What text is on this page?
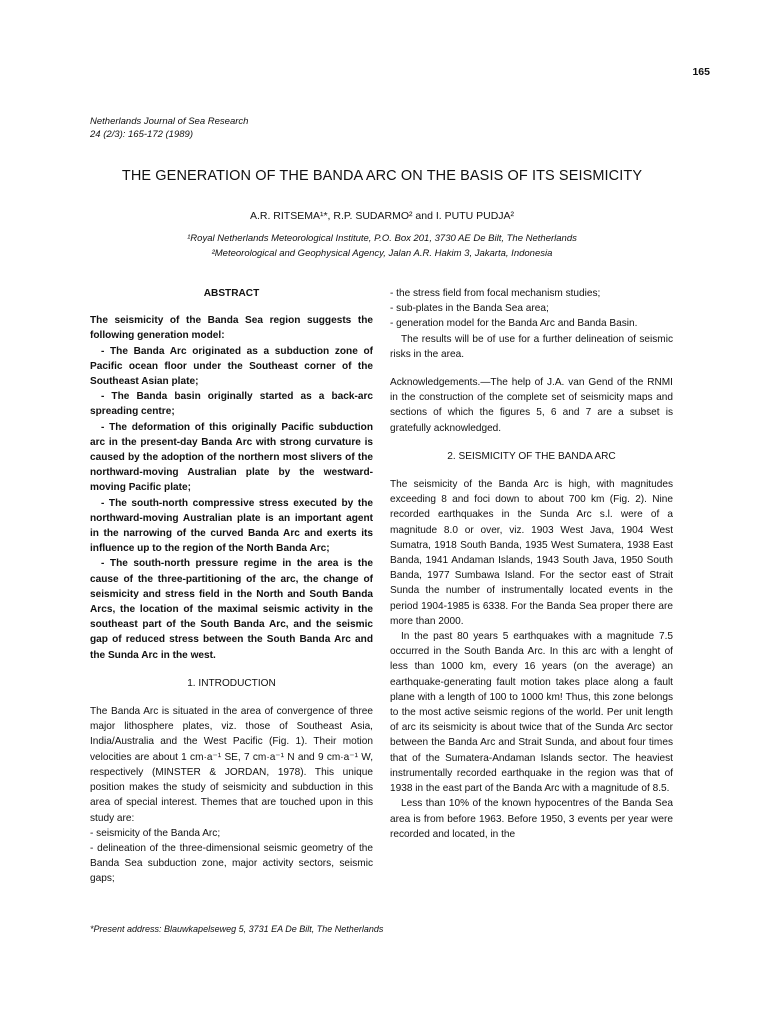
165
Netherlands Journal of Sea Research
24 (2/3): 165-172 (1989)
THE GENERATION OF THE BANDA ARC ON THE BASIS OF ITS SEISMICITY
A.R. RITSEMA¹*, R.P. SUDARMO² and I. PUTU PUDJA²
¹Royal Netherlands Meteorological Institute, P.O. Box 201, 3730 AE De Bilt, The Netherlands
²Meteorological and Geophysical Agency, Jalan A.R. Hakim 3, Jakarta, Indonesia

ABSTRACT

The seismicity of the Banda Sea region suggests the following generation model:

- The Banda Arc originated as a subduction zone of Pacific ocean floor under the Southeast corner of the Southeast Asian plate;

- The Banda basin originally started as a back-arc spreading centre;

- The deformation of this originally Pacific subduction arc in the present-day Banda Arc with strong curvature is caused by the adoption of the northern most slivers of the northward-moving Australian plate by the westward-moving Pacific plate;

- The south-north compressive stress executed by the northward-moving Australian plate is an important agent in the narrowing of the curved Banda Arc and exerts its influence up to the region of the North Banda Arc;

- The south-north pressure regime in the area is the cause of the three-partitioning of the arc, the change of seismicity and stress field in the North and South Banda Arcs, the location of the maximal seismic activity in the southeast part of the South Banda Arc, and the seismic gap of reduced stress between the South Banda Arc and the Sunda Arc in the west.

1. INTRODUCTION

The Banda Arc is situated in the area of convergence of three major lithosphere plates, viz. those of Southeast Asia, India/Australia and the West Pacific (Fig. 1). Their motion velocities are about 1 cm·a⁻¹ SE, 7 cm·a⁻¹ N and 9 cm·a⁻¹ W, respectively (MINSTER & JORDAN, 1978). This unique position makes the study of seismicity and subduction in this area of special interest. Themes that are touched upon in this study are:

- seismicity of the Banda Arc;

- delineation of the three-dimensional seismic geometry of the Banda Sea subduction zone, major activity sectors, seismic gaps;

- the stress field from focal mechanism studies;

- sub-plates in the Banda Sea area;

- generation model for the Banda Arc and Banda Basin.

The results will be of use for a further delineation of seismic risks in the area.

Acknowledgements.—The help of J.A. van Gend of the RNMI in the construction of the complete set of seismicity maps and sections of which the figures 5, 6 and 7 are a subset is gratefully acknowledged.

2. SEISMICITY OF THE BANDA ARC

The seismicity of the Banda Arc is high, with magnitudes exceeding 8 and foci down to about 700 km (Fig. 2). Nine recorded earthquakes in the Sunda Arc s.l. were of a magnitude 8.0 or over, viz. 1903 West Java, 1904 West Sumatra, 1918 South Banda, 1935 West Sumatera, 1938 East Banda, 1941 Andaman Islands, 1943 South Java, 1950 South Banda, 1977 Sumbawa Island. For the sector east of Strait Sunda the number of instrumentally located events in the period 1904-1985 is 6338. For the Banda Sea proper there are more than 2000.

In the past 80 years 5 earthquakes with a magnitude 7.5 occurred in the South Banda Arc. In this arc with a lenght of less than 1000 km, every 16 years (on the average) an earthquake-generating fault motion takes place along a fault plane with a length of 100 to 1000 km! Thus, this zone belongs to the most active seismic regions of the world. Per unit length of arc its seismicity is about twice that of the Sunda Arc sector between the Banda Arc and Strait Sunda, and about four times that of the Sumatera-Andaman Islands sector. The heaviest instrumentally recorded earthquake in the region was that of 1938 in the east part of the Banda Arc with a magnitude of 8.5.

Less than 10% of the known hypocentres of the Banda Sea area is from before 1963. Before 1950, 3 events per year were recorded and located, in the

*Present address: Blauwkapelseweg 5, 3731 EA De Bilt, The Netherlands
